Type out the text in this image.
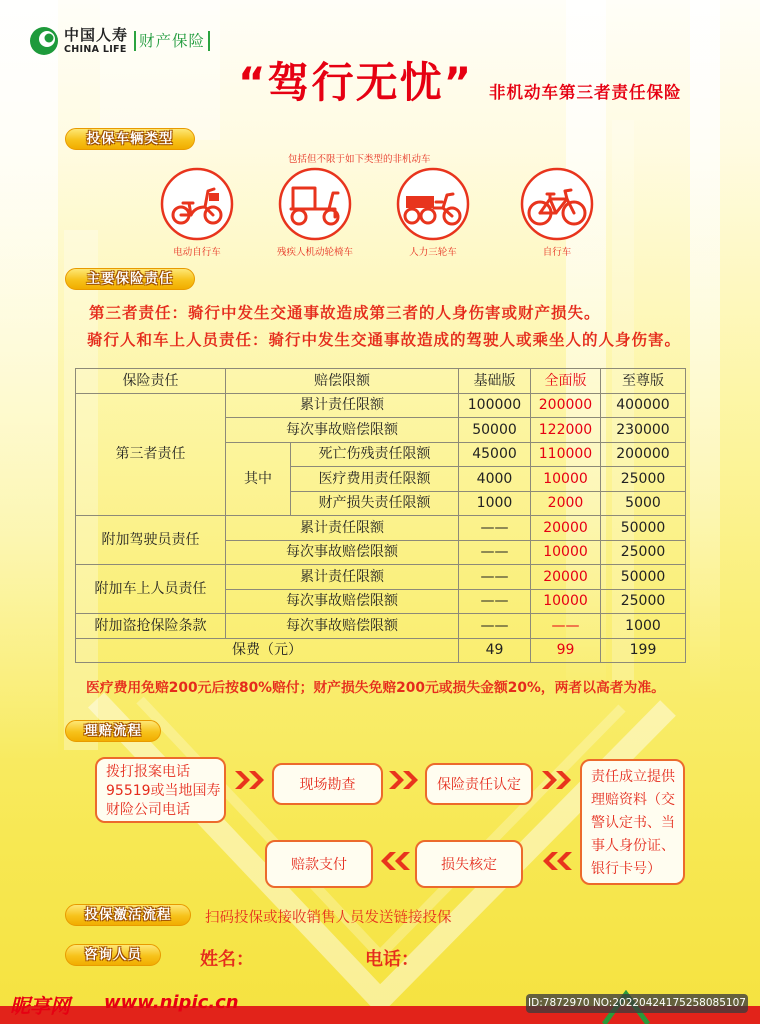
中国人寿
CHINA LIFE 财产保险
“驾行无忧” 非机动车第三者责任保险
投保车辆类型
包括但不限于如下类型的非机动车
电动自行车	残疾人机动轮椅车	人力三轮车	自行车
主要保险责任
第三者责任：骑行中发生交通事故造成第三者的人身伤害或财产损失。
骑行人和车上人员责任：骑行中发生交通事故造成的驾驶人或乘坐人的人身伤害。
保险责任	赔偿限额		基础版	全面版	至尊版
第三者责任	累计责任限额		100000	200000	400000
	每次事故赔偿限额		50000	122000	230000
	其中	死亡伤残责任限额	45000	110000	200000
		医疗费用责任限额	4000	10000	25000
		财产损失责任限额	1000	2000	5000
附加驾驶员责任	累计责任限额		——	20000	50000
	每次事故赔偿限额		——	10000	25000
附加车上人员责任	累计责任限额		——	20000	50000
	每次事故赔偿限额		——	10000	25000
附加盗抢保险条款	每次事故赔偿限额		——	——	1000
保费（元）			49	99	199
医疗费用免赔200元后按80%赔付；财产损失免赔200元或损失金额20%，两者以高者为准。
理赔流程
拨打报案电话
95519或当地国寿
财险公司电话
现场勘查	保险责任认定	责任成立提供
理赔资料（交
警认定书、当
事人身份证、
银行卡号）
损失核定
赔款支付
投保激活流程	扫码投保或接收销售人员发送链接投保
咨询人员	姓名：	电话：
昵享网 www.nipic.cn	ID:7872970 NO:20220424175258085107
